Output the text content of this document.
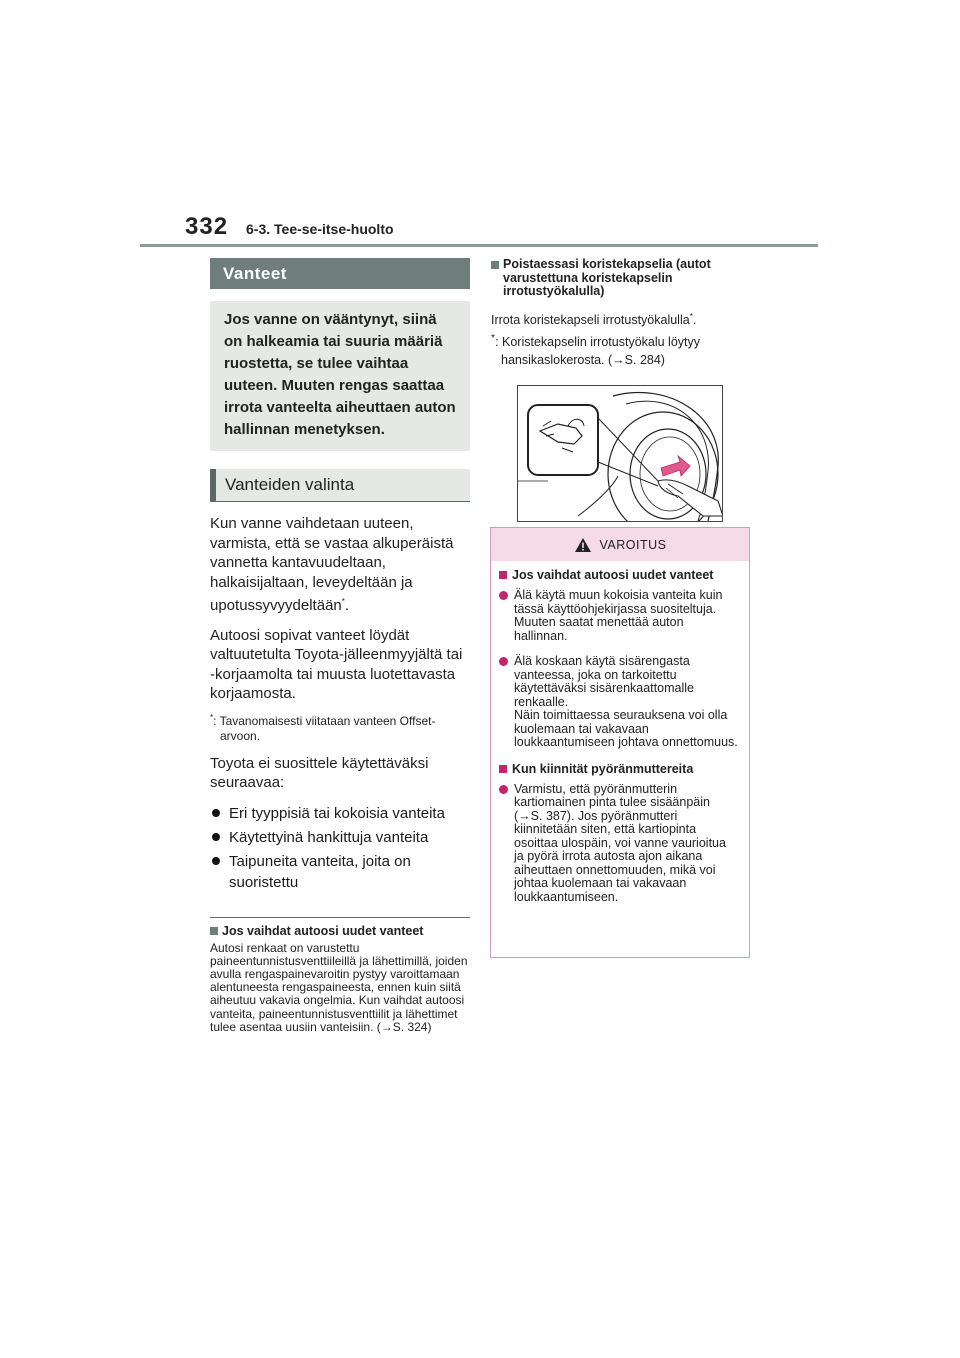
332 6-3. Tee-se-itse-huolto
Vanteet
Jos vanne on vääntynyt, siinä on halkeamia tai suuria määriä ruostetta, se tulee vaihtaa uuteen. Muuten rengas saattaa irrota vanteelta aiheuttaen auton hallinnan menetyksen.
Vanteiden valinta

Kun vanne vaihdetaan uuteen, varmista, että se vastaa alkuperäistä vannetta kantavuudeltaan, halkaisijaltaan, leveydeltään ja upotussyvyydeltään*.

Autoosi sopivat vanteet löydät valtuutetulta Toyota-jälleenmyyjältä tai -korjaamolta tai muusta luotettavasta korjaamosta.

*: Tavanomaisesti viitataan vanteen Offset-arvoon.

Toyota ei suosittele käytettäväksi seuraavaa:

Eri tyyppisiä tai kokoisia vanteita
Käytettyinä hankittuja vanteita
Taipuneita vanteita, joita on suoristettu
Jos vaihdat autoosi uudet vanteet

Autosi renkaat on varustettu paineentunnistusventtiileillä ja lähettimillä, joiden avulla rengaspainevaroitin pystyy varoittamaan alentuneesta rengaspaineesta, ennen kuin siitä aiheutuu vakavia ongelmia. Kun vaihdat autoosi vanteita, paineentunnistusventtiilit ja lähettimet tulee asentaa uusiin vanteisiin. (→S. 324)

Poistaessasi koristekapselia (autot varustettuna koristekapselin irrotustyökalulla)

Irrota koristekapseli irrotustyökalulla*.

*: Koristekapselin irrotustyökalu löytyy hansikaslokerosta. (→S. 284)

VAROITUS
Jos vaihdat autoosi uudet vanteet
Älä käytä muun kokoisia vanteita kuin tässä käyttöohjekirjassa suositeltuja. Muuten saatat menettää auton hallinnan.
Älä koskaan käytä sisärengasta vanteessa, joka on tarkoitettu käytettäväksi sisärenkaattomalle renkaalle.
Näin toimittaessa seurauksena voi olla kuolemaan tai vakavaan loukkaantumiseen johtava onnettomuus.
Kun kiinnität pyöränmuttereita
Varmistu, että pyöränmutterin kartiomainen pinta tulee sisäänpäin (→S. 387). Jos pyöränmutteri kiinnitetään siten, että kartiopinta osoittaa ulospäin, voi vanne vaurioitua ja pyörä irrota autosta ajon aikana aiheuttaen onnettomuuden, mikä voi johtaa kuolemaan tai vakavaan loukkaantumiseen.
